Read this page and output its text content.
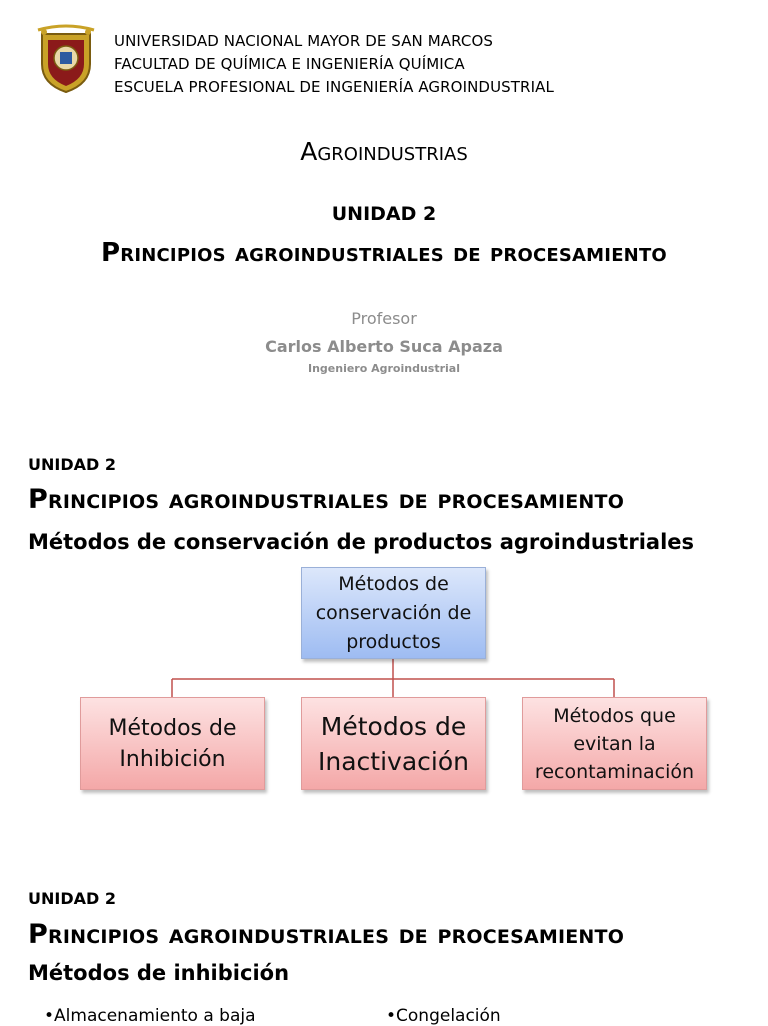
UNIVERSIDAD NACIONAL MAYOR DE SAN MARCOS
FACULTAD DE QUÍMICA E INGENIERÍA QUÍMICA
ESCUELA PROFESIONAL DE INGENIERÍA AGROINDUSTRIAL
Agroindustrias
UNIDAD 2
Principios agroindustriales de procesamiento
Profesor
Carlos Alberto Suca Apaza
Ingeniero Agroindustrial
UNIDAD 2
Principios agroindustriales de procesamiento
Métodos de conservación de productos agroindustriales
Métodos de conservación de productos
Métodos de Inhibición
Métodos de Inactivación
Métodos que evitan la recontaminación
UNIDAD 2
Principios agroindustriales de procesamiento
Métodos de inhibición
•Almacenamiento a baja	•Congelación
